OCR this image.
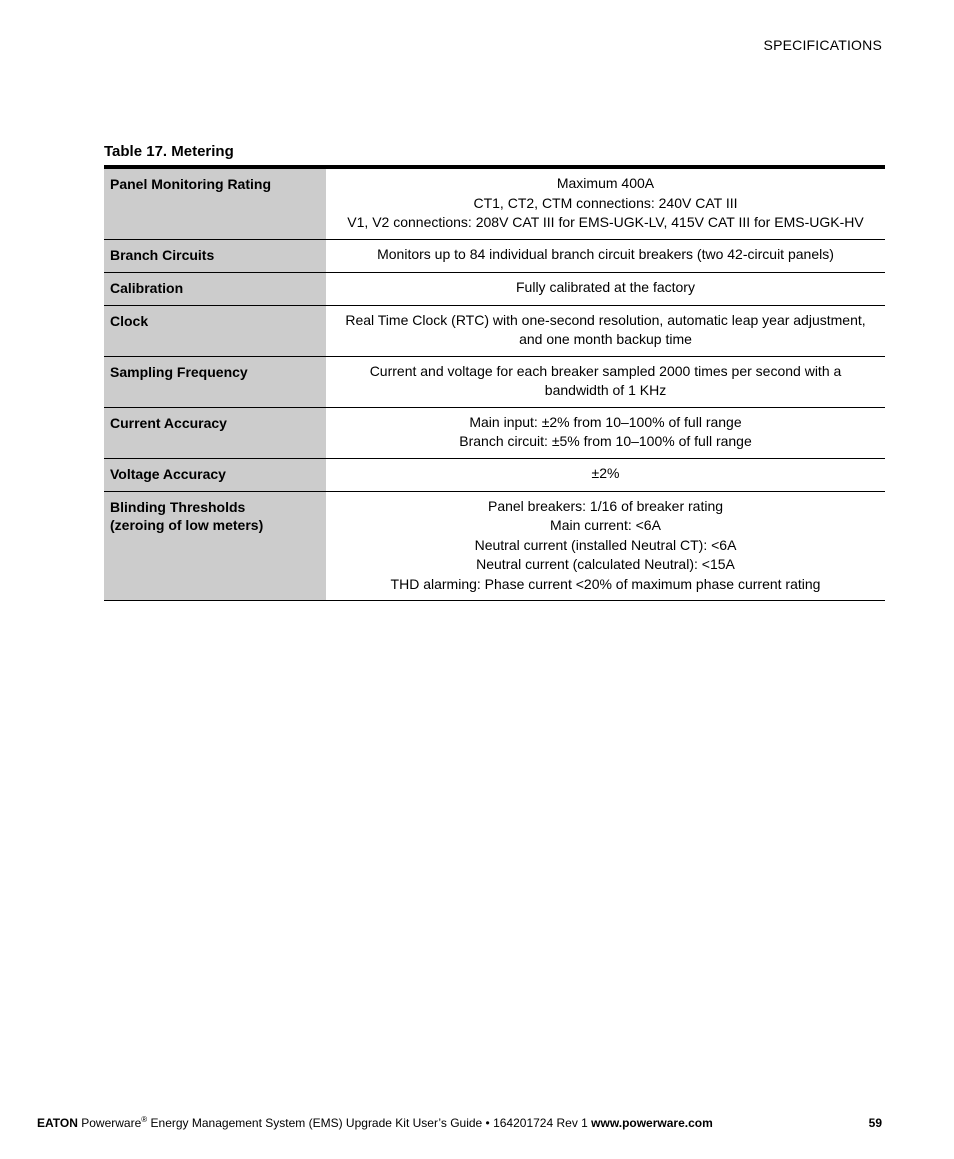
SPECIFICATIONS
Table 17. Metering
Panel Monitoring Rating	Maximum 400A
CT1, CT2, CTM connections: 240V CAT III
V1, V2 connections: 208V CAT III for EMS-UGK-LV, 415V CAT III for EMS-UGK-HV

Branch Circuits	Monitors up to 84 individual branch circuit breakers (two 42-circuit panels)

Calibration	Fully calibrated at the factory

Clock	Real Time Clock (RTC) with one-second resolution, automatic leap year adjustment,
and one month backup time

Sampling Frequency	Current and voltage for each breaker sampled 2000 times per second with a
bandwidth of 1 KHz

Current Accuracy	Main input: ±2% from 10–100% of full range
Branch circuit: ±5% from 10–100% of full range

Voltage Accuracy	±2%

Blinding Thresholds
(zeroing of low meters)	Panel breakers: 1/16 of breaker rating
Main current: <6A
Neutral current (installed Neutral CT): <6A
Neutral current (calculated Neutral): <15A
THD alarming: Phase current <20% of maximum phase current rating
EATON Powerware® Energy Management System (EMS) Upgrade Kit User’s Guide • 164201724 Rev 1 www.powerware.com	59
